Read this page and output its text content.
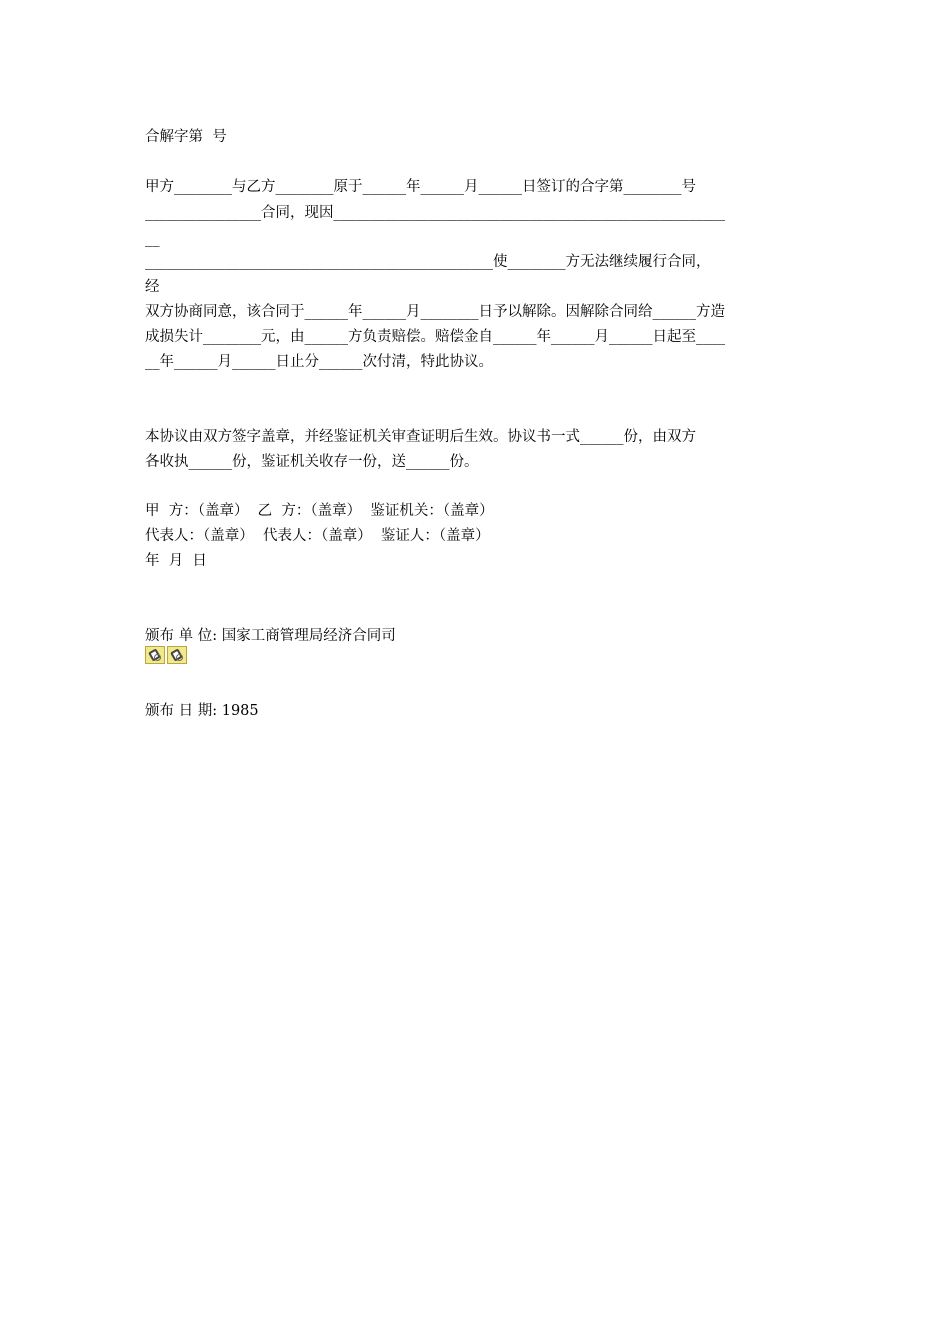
合解字第  号
甲方________与乙方________原于______年______月______日签订的合字第________号
________________合同，现因______________________________________________________
__
________________________________________________使________方无法继续履行合同，
经
双方协商同意，该合同于______年______月________日予以解除。因解除合同给______方造
成损失计________元，由______方负责赔偿。赔偿金自______年______月______日起至____
__年______月______日止分______次付清，特此协议。
本协议由双方签字盖章，并经鉴证机关审查证明后生效。协议书一式______份，由双方
各收执______份，鉴证机关收存一份，送______份。
甲  方：（盖章）  乙  方：（盖章）  鉴证机关：（盖章）
代表人：（盖章）  代表人：（盖章）  鉴证人：（盖章）
年  月  日
颁布 单 位: 国家工商管理局经济合同司
颁布 日 期: 1985
